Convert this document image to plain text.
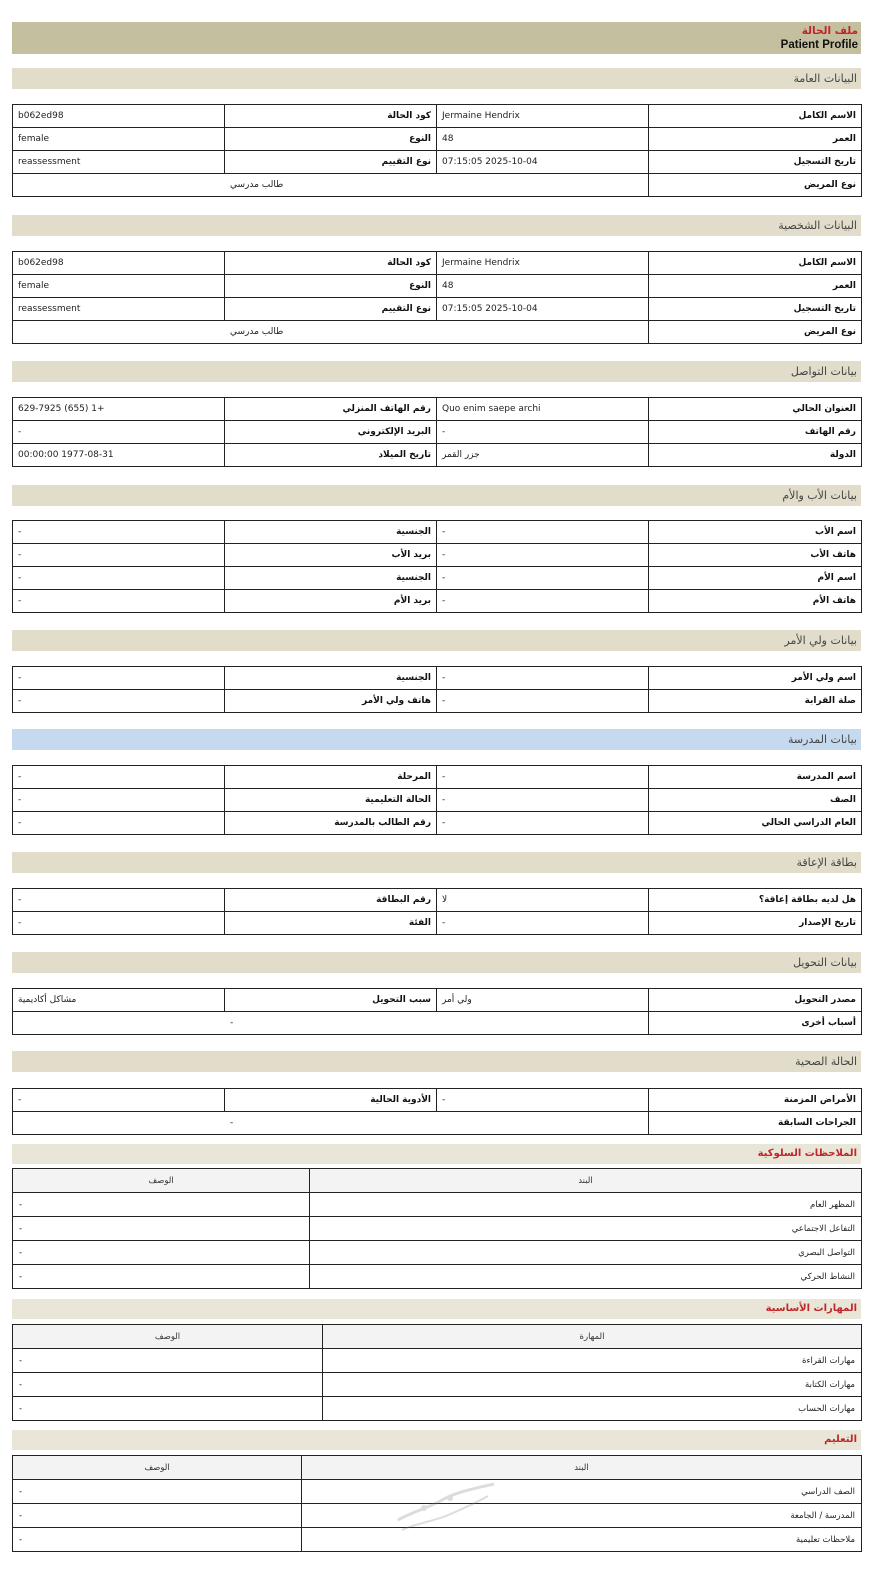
ملف الحالة
Patient Profile
البيانات العامة
الاسم الكامل	Jermaine Hendrix	كود الحالة	b062ed98
العمر	48	النوع	female
تاريخ التسجيل	2025-10-04 07:15:05	نوع التقييم	reassessment
نوع المريض	طالب مدرسي		
البيانات الشخصية
الاسم الكامل	Jermaine Hendrix	كود الحالة	b062ed98
العمر	48	النوع	female
تاريخ التسجيل	2025-10-04 07:15:05	نوع التقييم	reassessment
نوع المريض	طالب مدرسي		
بيانات التواصل
العنوان الحالي	Quo enim saepe archi	رقم الهاتف المنزلي	+1 (655) 629-7925
رقم الهاتف	-	البريد الإلكتروني	-
الدولة	جزر القمر	تاريخ الميلاد	1977-08-31 00:00:00
بيانات الأب والأم
اسم الأب	-	الجنسية	-
هاتف الأب	-	بريد الأب	-
اسم الأم	-	الجنسية	-
هاتف الأم	-	بريد الأم	-
بيانات ولي الأمر
اسم ولي الأمر	-	الجنسية	-
صلة القرابة	-	هاتف ولي الأمر	-
بيانات المدرسة
اسم المدرسة	-	المرحلة	-
الصف	-	الحالة التعليمية	-
العام الدراسي الحالي	-	رقم الطالب بالمدرسة	-
بطاقة الإعاقة
هل لديه بطاقة إعاقة؟	لا	رقم البطاقة	-
تاريخ الإصدار	-	الفئة	-
بيانات التحويل
مصدر التحويل	ولي أمر	سبب التحويل	مشاكل أكاديمية
أسباب أخرى	-		
الحالة الصحية
الأمراض المزمنة	-	الأدوية الحالية	-
الجراحات السابقة	-		
الملاحظات السلوكية
البند	الوصف
المظهر العام	-
التفاعل الاجتماعي	-
التواصل البصري	-
النشاط الحركي	-
المهارات الأساسية
المهارة	الوصف
مهارات القراءة	-
مهارات الكتابة	-
مهارات الحساب	-
التعليم
البند	الوصف
الصف الدراسي	-
المدرسة / الجامعة	-
ملاحظات تعليمية	-
